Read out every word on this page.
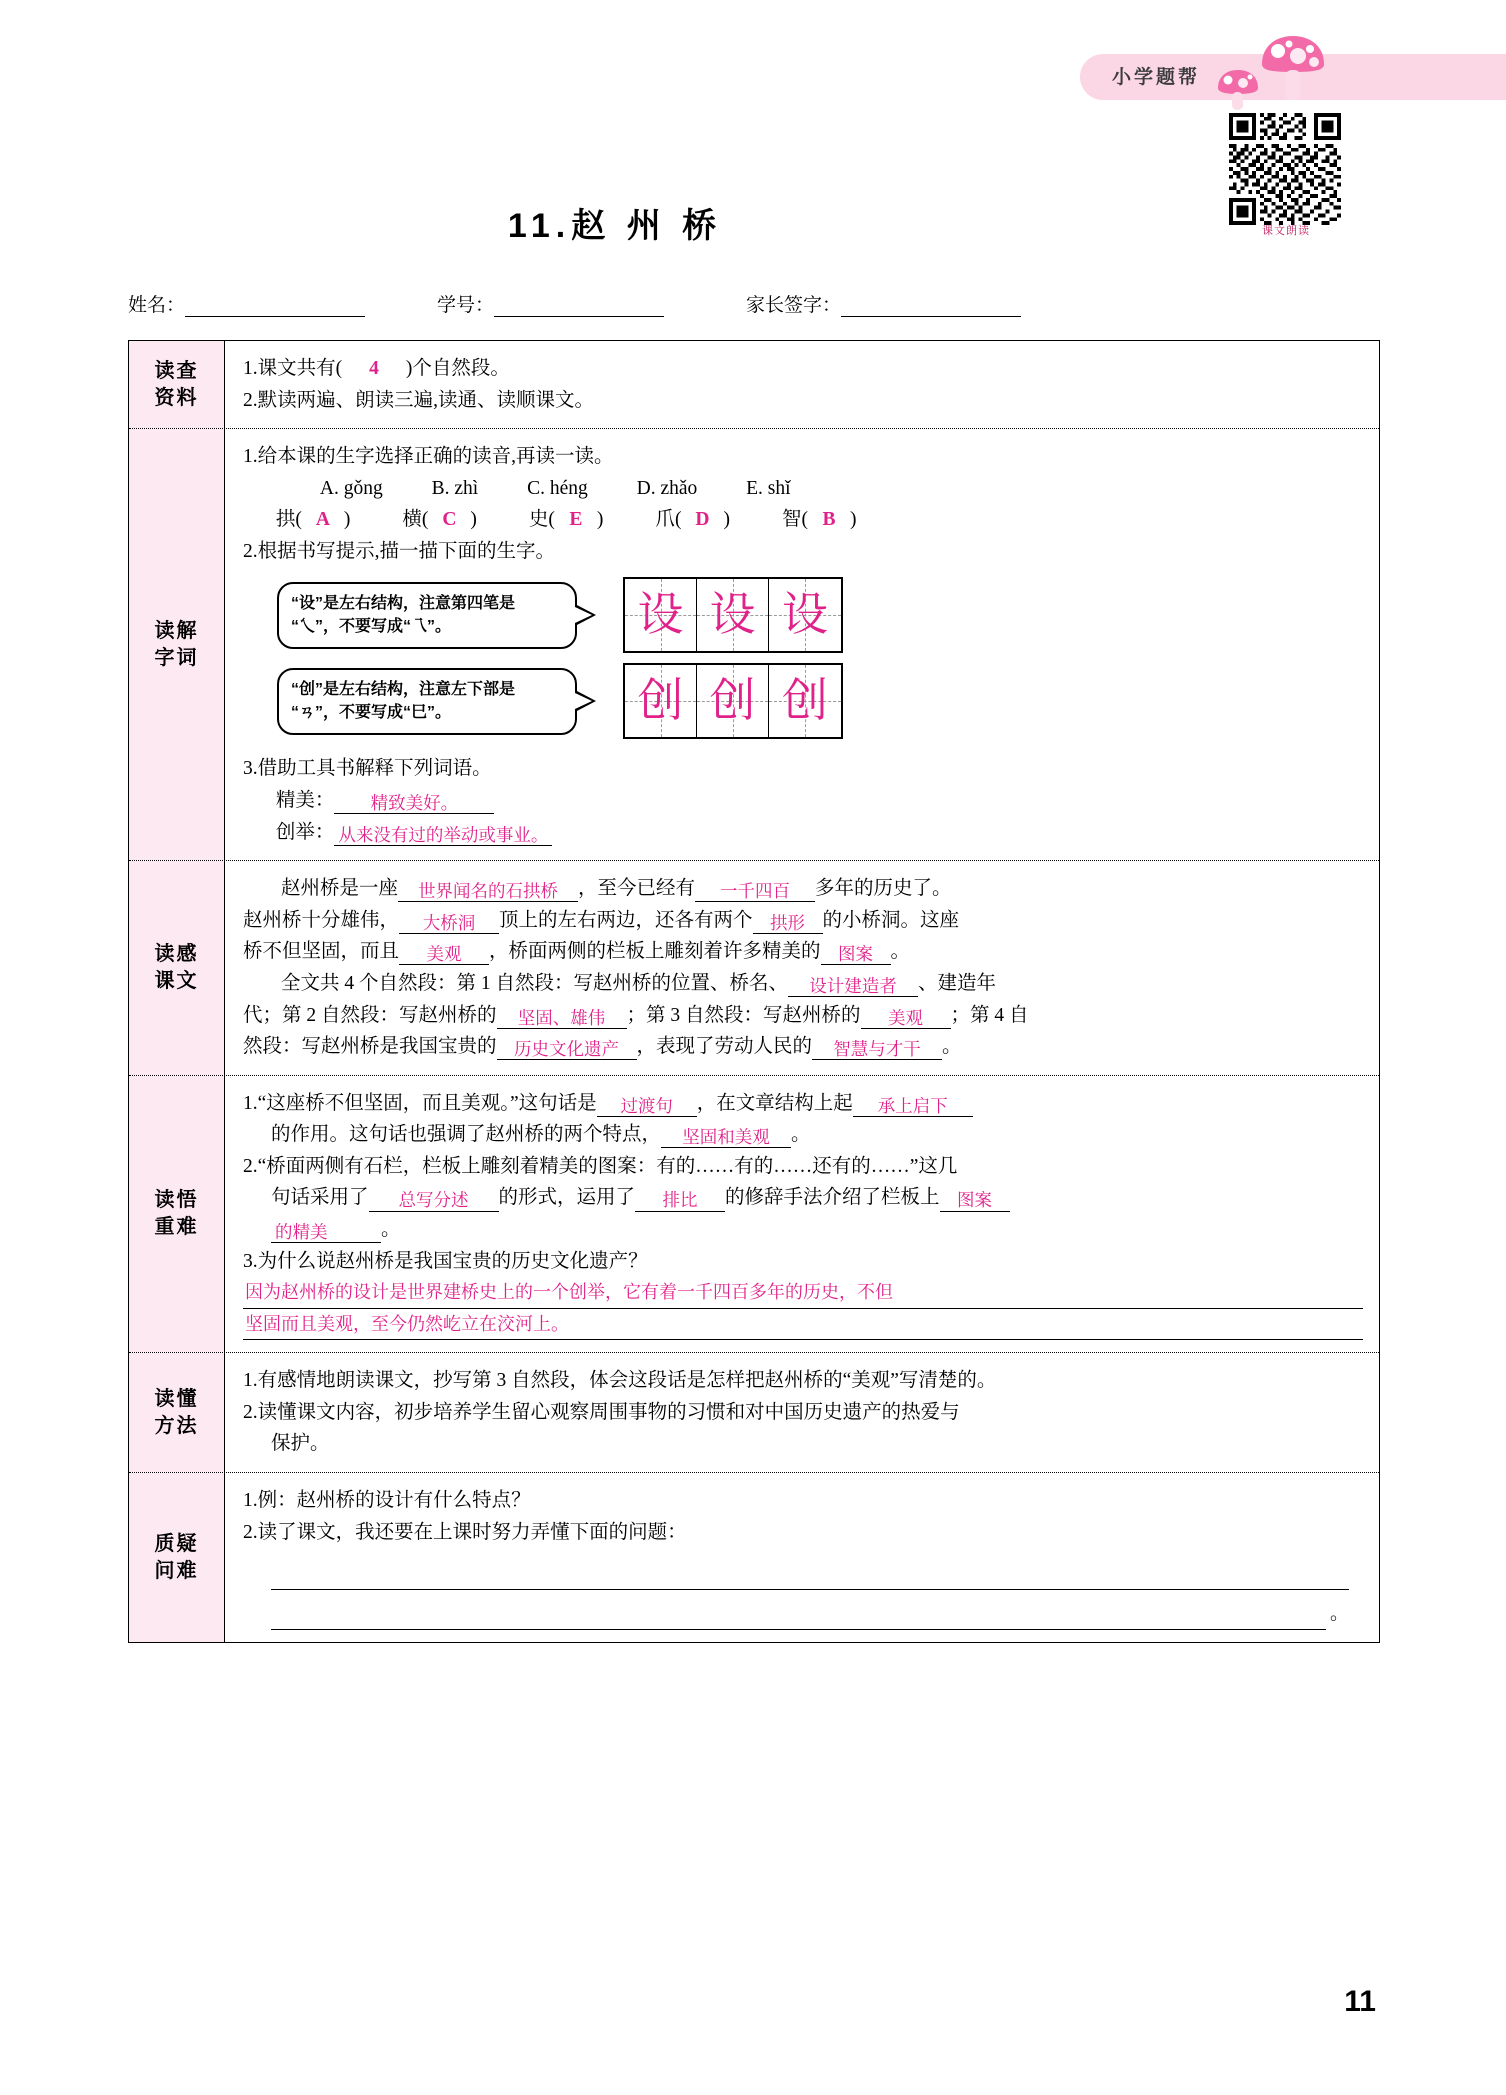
小学题帮
课文朗读
11.赵 州 桥
姓名：	学号：	家长签字：
读查
资料

1.课文共有( 4 )个自然段。

2.默读两遍、朗读三遍,读通、读顺课文。

读解
字词

1.给本课的生字选择正确的读音,再读一读。

A. gǒng	B. zhì	C. héng	D. zhǎo	E. shǐ

拱( A )	横( C )	史( E )	爪( D )	智( B )

2.根据书写提示,描一描下面的生字。

“设”是左右结构，注意第四笔是
“乀”，不要写成“乁”。	设 设 设
“创”是左右结构，注意左下部是
“ㄢ”，不要写成“巳”。	创 创 创

3.借助工具书解释下列词语。

精美： 精致美好。

创举： 从来没有过的举动或事业。

读感
课文

赵州桥是一座 世界闻名的石拱桥 ，至今已经有 一千四百 多年的历史了。

赵州桥十分雄伟， 大桥洞 顶上的左右两边，还各有两个 拱形 的小桥洞。这座

桥不但坚固，而且 美观 ，桥面两侧的栏板上雕刻着许多精美的 图案 。

全文共 4 个自然段：第 1 自然段：写赵州桥的位置、桥名、 设计建造者 、建造年

代；第 2 自然段：写赵州桥的 坚固、雄伟 ；第 3 自然段：写赵州桥的 美观 ；第 4 自

然段：写赵州桥是我国宝贵的 历史文化遗产 ，表现了劳动人民的 智慧与才干 。

读悟
重难

1.“这座桥不但坚固，而且美观。”这句话是 过渡句 ，在文章结构上起 承上启下

的作用。这句话也强调了赵州桥的两个特点， 坚固和美观 。

2.“桥面两侧有石栏，栏板上雕刻着精美的图案：有的……有的……还有的……”这几

句话采用了 总写分述 的形式，运用了 排比 的修辞手法介绍了栏板上 图案

的精美	。

3.为什么说赵州桥是我国宝贵的历史文化遗产？

因为赵州桥的设计是世界建桥史上的一个创举，它有着一千四百多年的历史，不但

坚固而且美观，至今仍然屹立在洨河上。

读懂
方法

1.有感情地朗读课文，抄写第 3 自然段，体会这段话是怎样把赵州桥的“美观”写清楚的。

2.读懂课文内容，初步培养学生留心观察周围事物的习惯和对中国历史遗产的热爱与

保护。

质疑
问难

1.例：赵州桥的设计有什么特点？

2.读了课文，我还要在上课时努力弄懂下面的问题：

。
11
